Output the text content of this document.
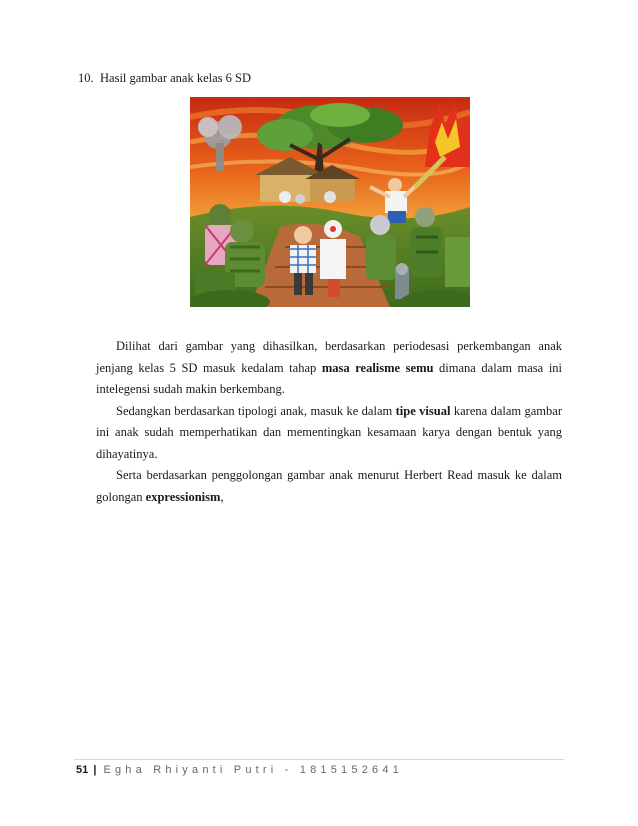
10. Hasil gambar anak kelas 6 SD

Dilihat dari gambar yang dihasilkan, berdasarkan periodesasi perkembangan anak jenjang kelas 5 SD masuk kedalam tahap masa realisme semu dimana dalam masa ini intelegensi sudah makin berkembang.

Sedangkan berdasarkan tipologi anak, masuk ke dalam tipe visual karena dalam gambar ini anak sudah memperhatikan dan mementingkan kesamaan karya dengan bentuk yang dihayatinya.

Serta berdasarkan penggolongan gambar anak menurut Herbert Read masuk ke dalam golongan expressionism,

51 | Egha Rhiyanti Putri - 1815152641
